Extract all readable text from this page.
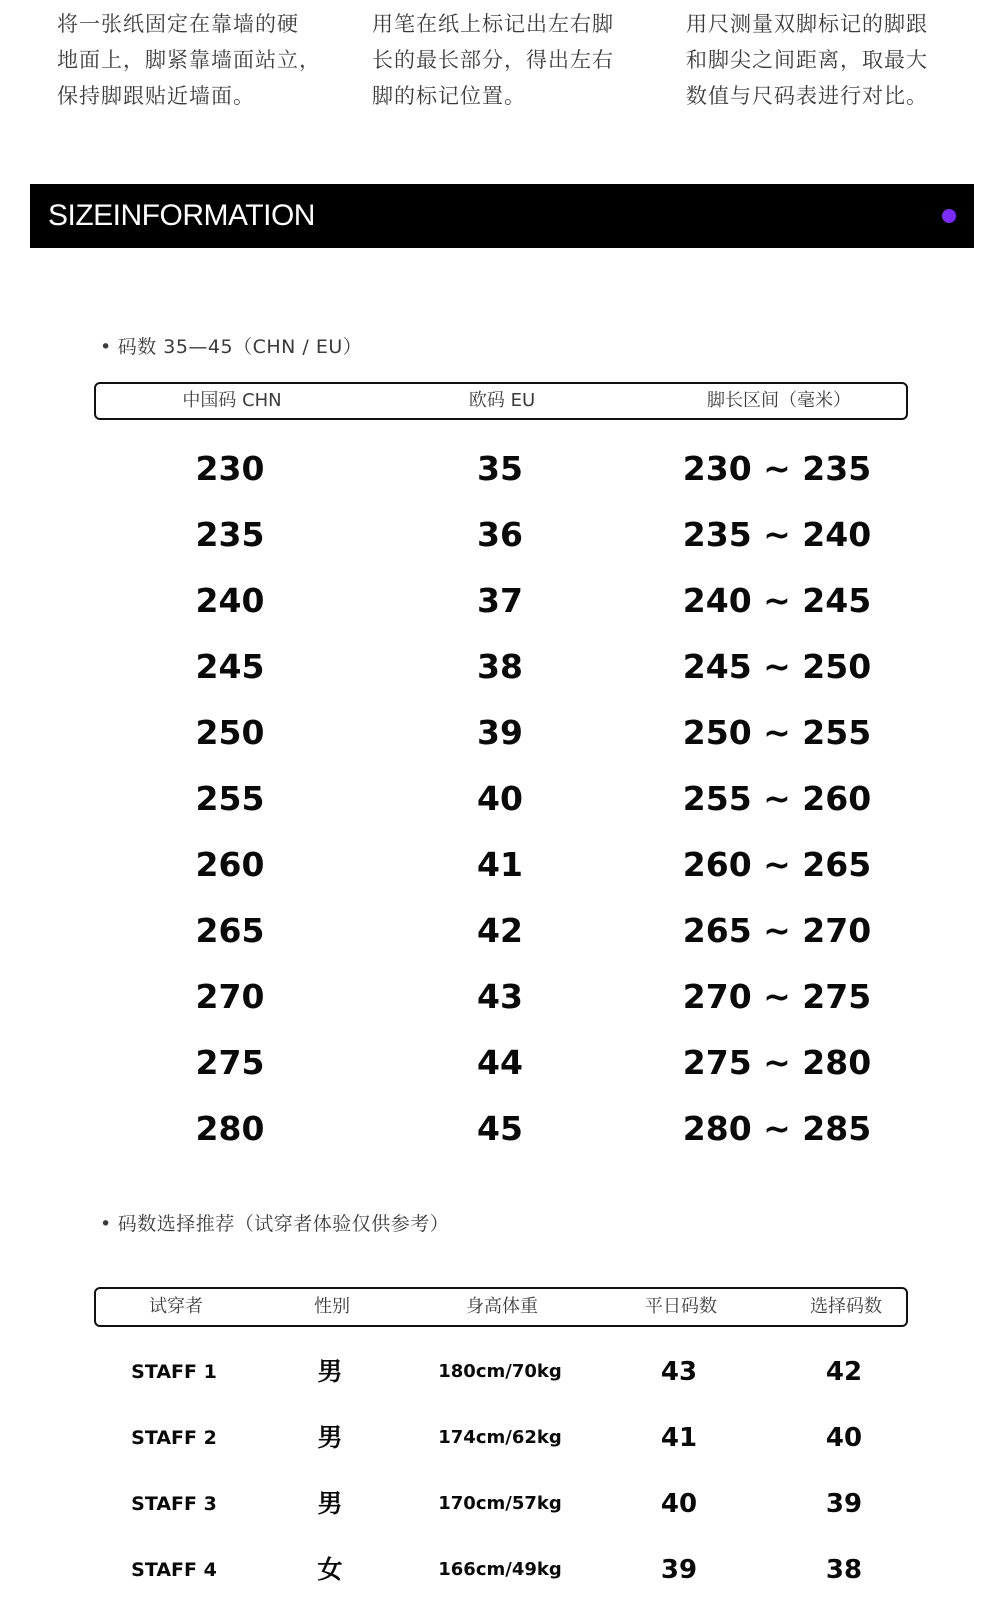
将一张纸固定在靠墙的硬
地面上，脚紧靠墙面站立，
保持脚跟贴近墙面。
用笔在纸上标记出左右脚
长的最长部分，得出左右
脚的标记位置。
用尺测量双脚标记的脚跟
和脚尖之间距离，取最大
数值与尺码表进行对比。
SIZEINFORMATION
• 码数 35—45（CHN / EU）
中国码 CHN	欧码 EU	脚长区间（毫米）
230	35	230 ~ 235
235	36	235 ~ 240
240	37	240 ~ 245
245	38	245 ~ 250
250	39	250 ~ 255
255	40	255 ~ 260
260	41	260 ~ 265
265	42	265 ~ 270
270	43	270 ~ 275
275	44	275 ~ 280
280	45	280 ~ 285
• 码数选择推荐（试穿者体验仅供参考）
试穿者	性别	身高体重	平日码数	选择码数
STAFF 1	男	180cm/70kg	43	42
STAFF 2	男	174cm/62kg	41	40
STAFF 3	男	170cm/57kg	40	39
STAFF 4	女	166cm/49kg	39	38
